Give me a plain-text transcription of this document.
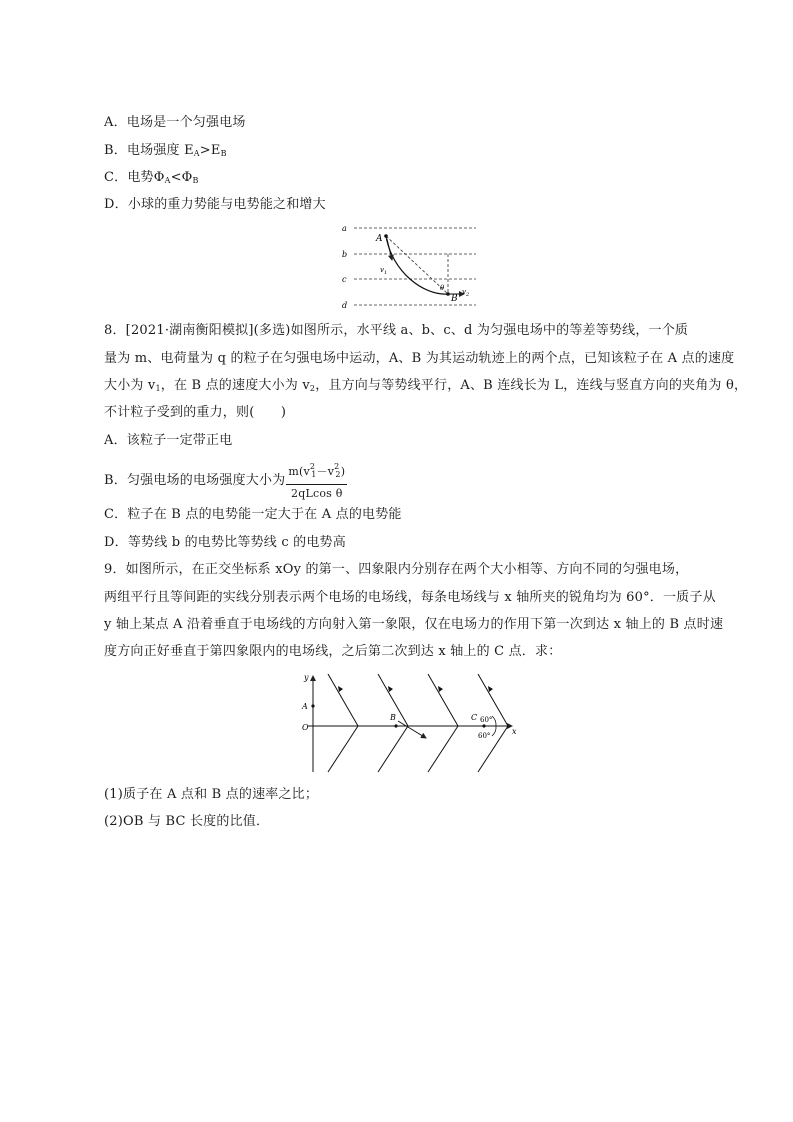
A．电场是一个匀强电场
B．电场强度 $E_A>E_B$
C．电势$\Phi_A<\Phi_B$
D．小球的重力势能与电势能之和增大
a
b
c
d
A
B
$v_1$
$v_2$
θ
8．[2021·湖南衡阳模拟](多选)如图所示，水平线 a、b、c、d 为匀强电场中的等差等势线，一个质
量为 m、电荷量为 q 的粒子在匀强电场中运动，A、B 为其运动轨迹上的两个点，已知该粒子在 A 点的速度
大小为 $v_1$，在 B 点的速度大小为 $v_2$，且方向与等势线平行，A、B 连线长为 L，连线与竖直方向的夹角为 θ，
不计粒子受到的重力，则(　　)
A．该粒子一定带正电
B．匀强电场的电场强度大小为 $\frac{m(v^2_1-v^2_2)}{\text{2qLcos θ}}$
C．粒子在 B 点的电势能一定大于在 A 点的电势能
D．等势线 b 的电势比等势线 c 的电势高
9．如图所示，在正交坐标系 xOy 的第一、四象限内分别存在两个大小相等、方向不同的匀强电场，
两组平行且等间距的实线分别表示两个电场的电场线，每条电场线与 x 轴所夹的锐角均为 60°．一质子从
y 轴上某点 A 沿着垂直于电场线的方向射入第一象限，仅在电场力的作用下第一次到达 x 轴上的 B 点时速
度方向正好垂直于第四象限内的电场线，之后第二次到达 x 轴上的 C 点．求：
y
x
O
A
B	C 60°
60°
(1)质子在 A 点和 B 点的速率之比；
(2)OB 与 BC 长度的比值．
